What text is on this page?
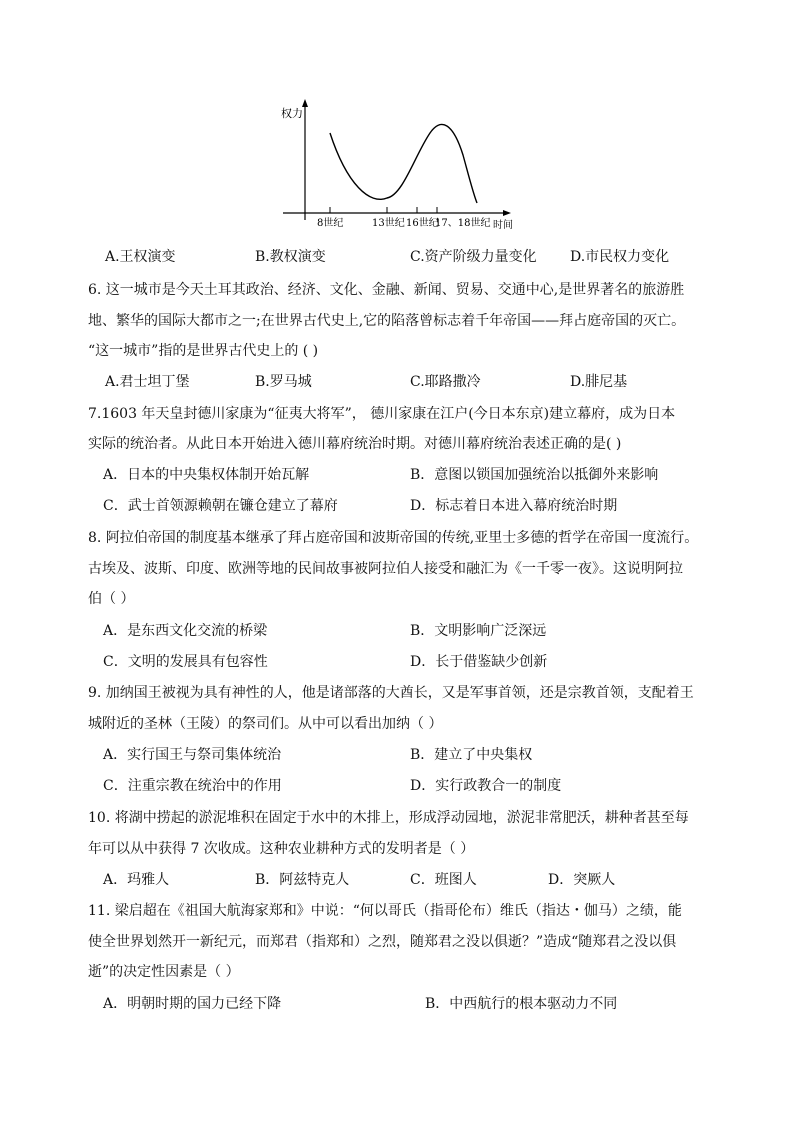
权力
时间
8世纪	13世纪 16世纪
17、18世纪
A.王权演变	B.教权演变	C.资产阶级力量变化 D.市民权力变化
6. 这一城市是今天土耳其政治、经济、文化、金融、新闻、贸易、交通中心,是世界著名的旅游胜
地、繁华的国际大都市之一;在世界古代史上,它的陷落曾标志着千年帝国——拜占庭帝国的灭亡。
“这一城市”指的是世界古代史上的 ( )
A.君士坦丁堡	B.罗马城	C.耶路撒冷	D.腓尼基
7.1603 年天皇封德川家康为“征夷大将军”， 德川家康在江户(今日本东京)建立幕府，成为日本
实际的统治者。从此日本开始进入德川幕府统治时期。对德川幕府统治表述正确的是( )
A．日本的中央集权体制开始瓦解	B．意图以锁国加强统治以抵御外来影响
C．武士首领源赖朝在镰仓建立了幕府	D．标志着日本进入幕府统治时期
8. 阿拉伯帝国的制度基本继承了拜占庭帝国和波斯帝国的传统,亚里士多德的哲学在帝国一度流行。
古埃及、波斯、印度、欧洲等地的民间故事被阿拉伯人接受和融汇为《一千零一夜》。这说明阿拉
伯（ ）
A．是东西文化交流的桥梁	B．文明影响广泛深远
C．文明的发展具有包容性	D．长于借鉴缺少创新
9. 加纳国王被视为具有神性的人，他是诸部落的大酋长，又是军事首领，还是宗教首领，支配着王
城附近的圣林（王陵）的祭司们。从中可以看出加纳（ ）
A．实行国王与祭司集体统治	B．建立了中央集权
C．注重宗教在统治中的作用	D．实行政教合一的制度
10. 将湖中捞起的淤泥堆积在固定于水中的木排上，形成浮动园地，淤泥非常肥沃，耕种者甚至每
年可以从中获得 7 次收成。这种农业耕种方式的发明者是（ ）
A．玛雅人	B．阿兹特克人	C．班图人	D．突厥人
11. 梁启超在《祖国大航海家郑和》中说：“何以哥氏（指哥伦布）维氏（指达・伽马）之绩，能
使全世界划然开一新纪元，而郑君（指郑和）之烈，随郑君之没以俱逝？”造成“随郑君之没以俱
逝”的决定性因素是（ ）
A．明朝时期的国力已经下降	B．中西航行的根本驱动力不同
